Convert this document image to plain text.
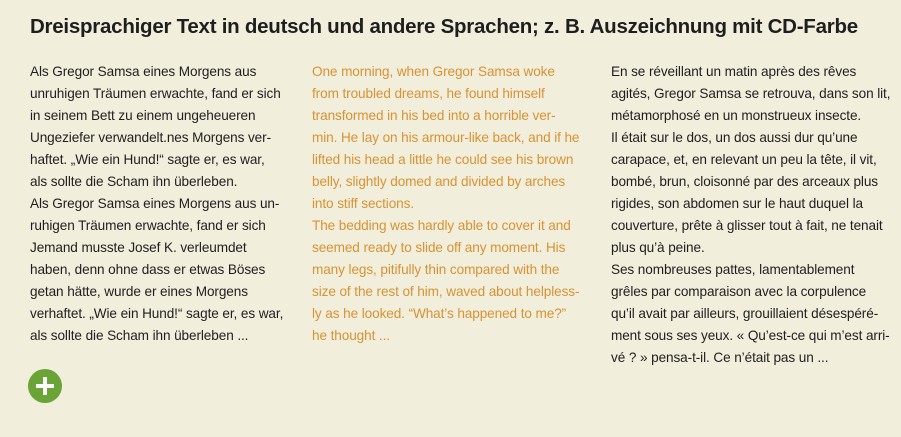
Dreisprachiger Text in deutsch und andere Sprachen; z. B. Auszeichnung mit CD-Farbe

Als Gregor Samsa eines Morgens aus

unruhigen Träumen erwachte, fand er sich

in seinem Bett zu einem ungeheueren

Ungeziefer verwandelt.nes Morgens ver-

haftet. „Wie ein Hund!“ sagte er, es war,

als sollte die Scham ihn überleben.

Als Gregor Samsa eines Morgens aus un-

ruhigen Träumen erwachte, fand er sich

Jemand musste Josef K. verleumdet

haben, denn ohne dass er etwas Böses

getan hätte, wurde er eines Morgens

verhaftet. „Wie ein Hund!“ sagte er, es war,

als sollte die Scham ihn überleben ...

One morning, when Gregor Samsa woke

from troubled dreams, he found himself

transformed in his bed into a horrible ver-

min. He lay on his armour-like back, and if he

lifted his head a little he could see his brown

belly, slightly domed and divided by arches

into stiff sections.

The bedding was hardly able to cover it and

seemed ready to slide off any moment. His

many legs, pitifully thin compared with the

size of the rest of him, waved about helpless-

ly as he looked. “What’s happened to me?”

he thought ...

En se réveillant un matin après des rêves

agités, Gregor Samsa se retrouva, dans son lit,

métamorphosé en un monstrueux insecte.

Il était sur le dos, un dos aussi dur qu’une

carapace, et, en relevant un peu la tête, il vit,

bombé, brun, cloisonné par des arceaux plus

rigides, son abdomen sur le haut duquel la

couverture, prête à glisser tout à fait, ne tenait

plus qu’à peine.

Ses nombreuses pattes, lamentablement

grêles par comparaison avec la corpulence

qu’il avait par ailleurs, grouillaient désespéré-

ment sous ses yeux. « Qu’est-ce qui m’est arri-

vé ? » pensa-t-il. Ce n’était pas un ...
